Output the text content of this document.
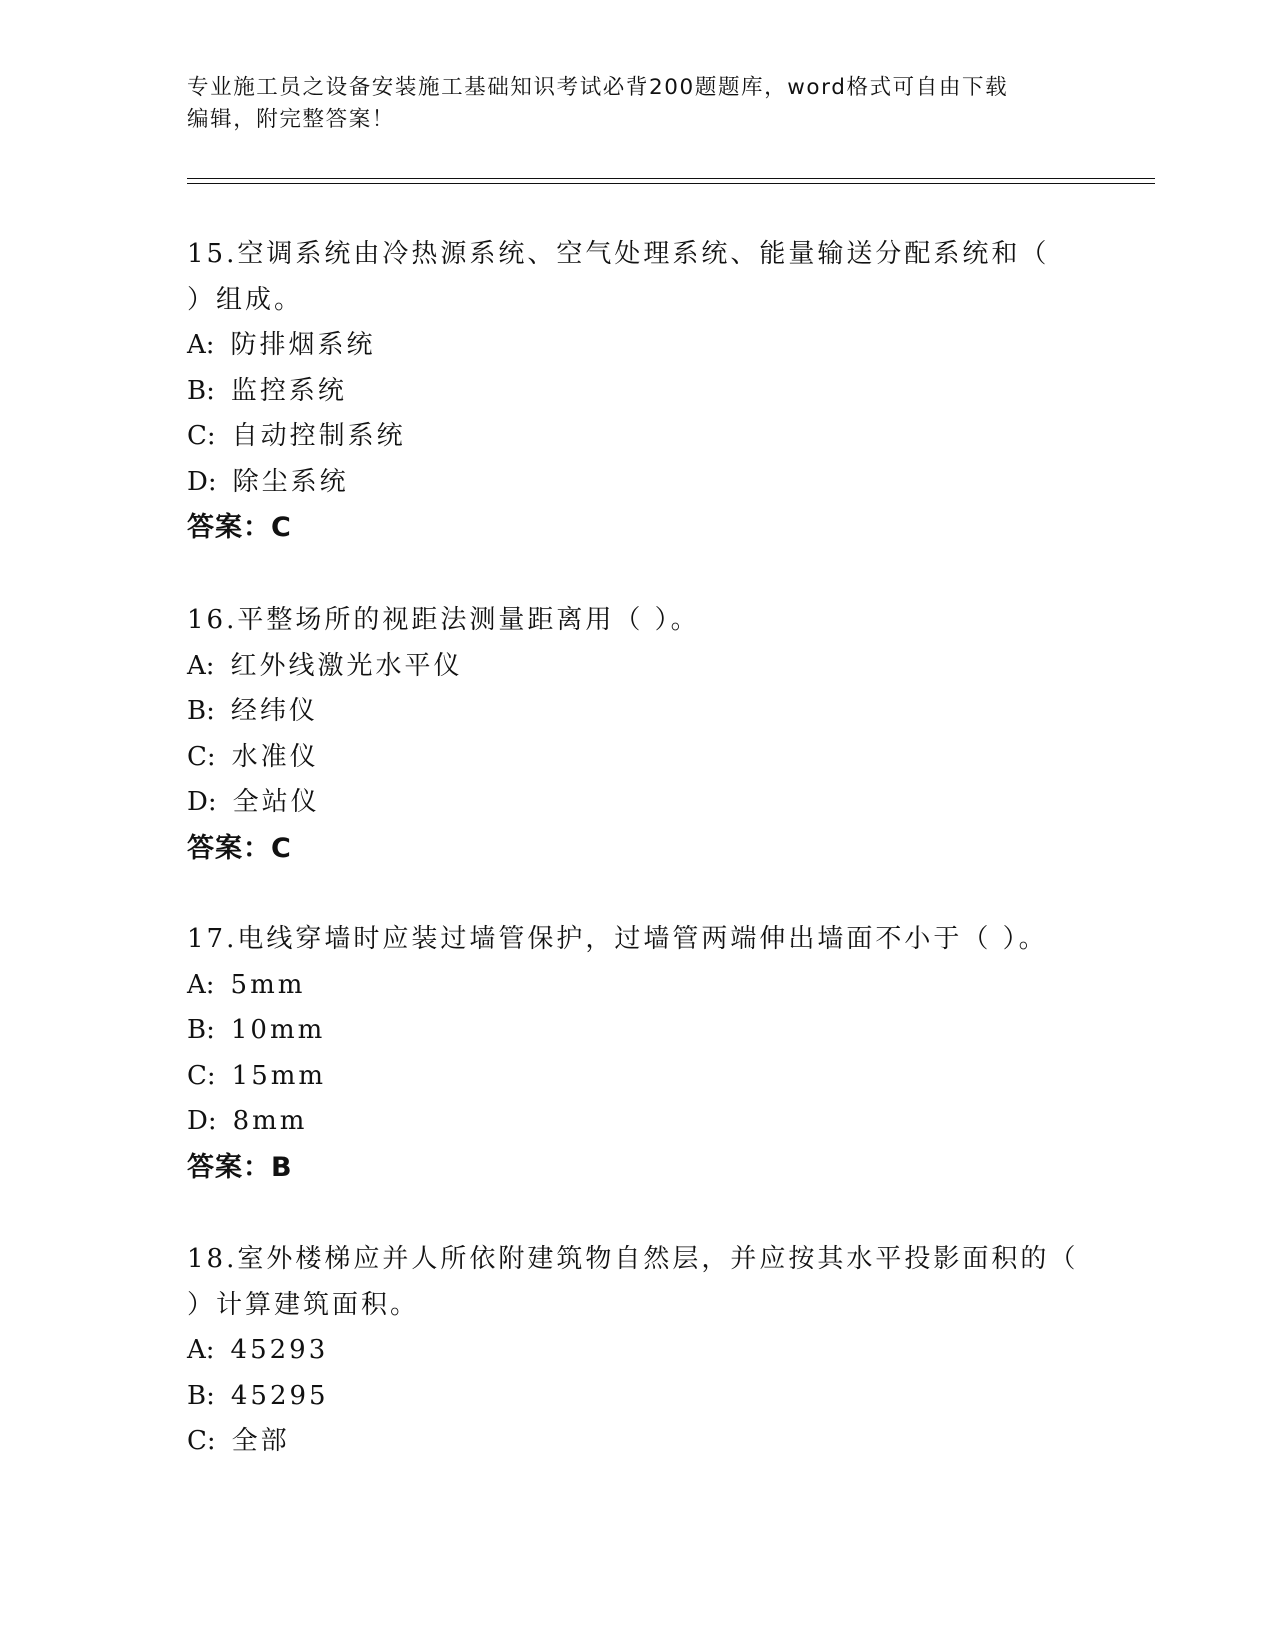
专业施工员之设备安装施工基础知识考试必背200题题库，word格式可自由下载
编辑，附完整答案！
15.空调系统由冷热源系统、空气处理系统、能量输送分配系统和（
）组成。
A: 防排烟系统
B: 监控系统
C: 自动控制系统
D: 除尘系统
答案：C
16.平整场所的视距法测量距离用（ ）。
A: 红外线激光水平仪
B: 经纬仪
C: 水准仪
D: 全站仪
答案：C
17.电线穿墙时应装过墙管保护，过墙管两端伸出墙面不小于（ ）。
A: 5mm
B: 10mm
C: 15mm
D: 8mm
答案：B
18.室外楼梯应并人所依附建筑物自然层，并应按其水平投影面积的（
）计算建筑面积。
A: 45293
B: 45295
C: 全部
